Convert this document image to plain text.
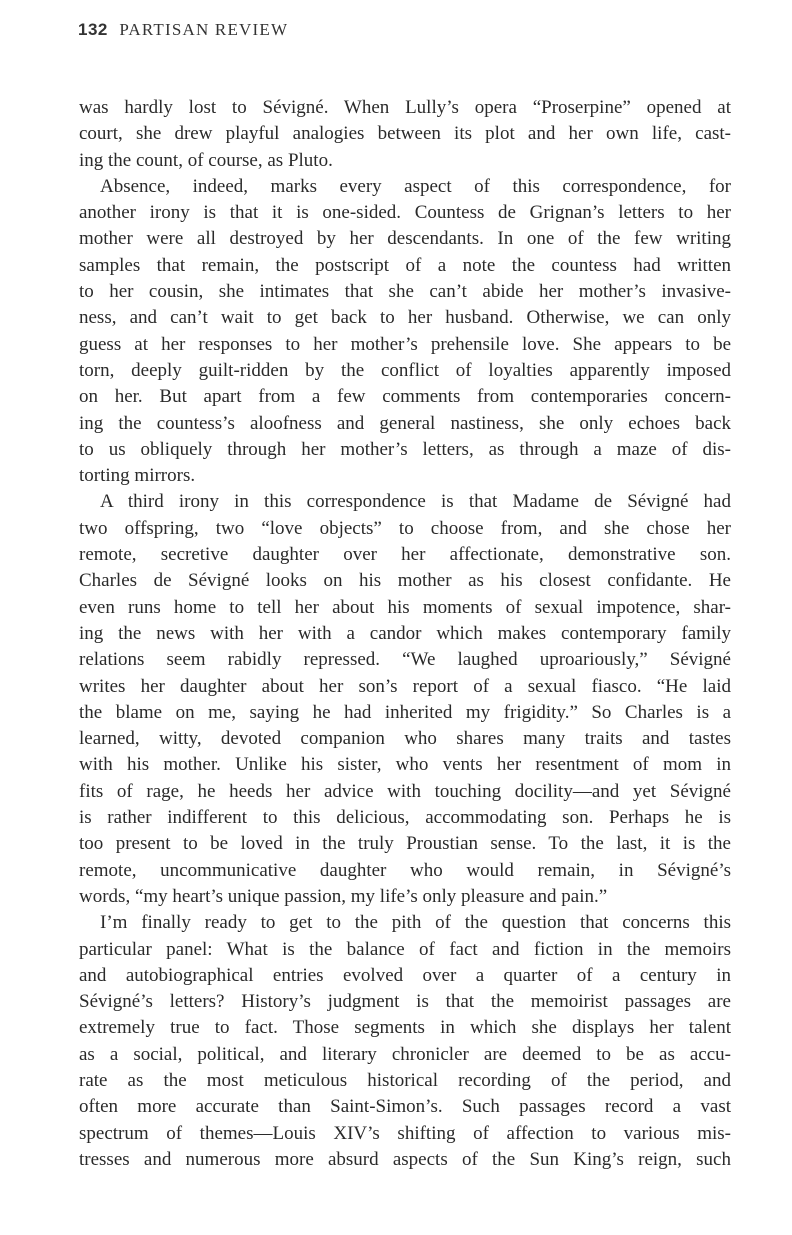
132 PARTISAN REVIEW
was hardly lost to Sévigné. When Lully’s opera “Proserpine” opened at
court, she drew playful analogies between its plot and her own life, cast-
ing the count, of course, as Pluto.
Absence, indeed, marks every aspect of this correspondence, for
another irony is that it is one-sided. Countess de Grignan’s letters to her
mother were all destroyed by her descendants. In one of the few writing
samples that remain, the postscript of a note the countess had written
to her cousin, she intimates that she can’t abide her mother’s invasive-
ness, and can’t wait to get back to her husband. Otherwise, we can only
guess at her responses to her mother’s prehensile love. She appears to be
torn, deeply guilt-ridden by the conflict of loyalties apparently imposed
on her. But apart from a few comments from contemporaries concern-
ing the countess’s aloofness and general nastiness, she only echoes back
to us obliquely through her mother’s letters, as through a maze of dis-
torting mirrors.
A third irony in this correspondence is that Madame de Sévigné had
two offspring, two “love objects” to choose from, and she chose her
remote, secretive daughter over her affectionate, demonstrative son.
Charles de Sévigné looks on his mother as his closest confidante. He
even runs home to tell her about his moments of sexual impotence, shar-
ing the news with her with a candor which makes contemporary family
relations seem rabidly repressed. “We laughed uproariously,” Sévigné
writes her daughter about her son’s report of a sexual fiasco. “He laid
the blame on me, saying he had inherited my frigidity.” So Charles is a
learned, witty, devoted companion who shares many traits and tastes
with his mother. Unlike his sister, who vents her resentment of mom in
fits of rage, he heeds her advice with touching docility—and yet Sévigné
is rather indifferent to this delicious, accommodating son. Perhaps he is
too present to be loved in the truly Proustian sense. To the last, it is the
remote, uncommunicative daughter who would remain, in Sévigné’s
words, “my heart’s unique passion, my life’s only pleasure and pain.”
I’m finally ready to get to the pith of the question that concerns this
particular panel: What is the balance of fact and fiction in the memoirs
and autobiographical entries evolved over a quarter of a century in
Sévigné’s letters? History’s judgment is that the memoirist passages are
extremely true to fact. Those segments in which she displays her talent
as a social, political, and literary chronicler are deemed to be as accu-
rate as the most meticulous historical recording of the period, and
often more accurate than Saint-Simon’s. Such passages record a vast
spectrum of themes—Louis XIV’s shifting of affection to various mis-
tresses and numerous more absurd aspects of the Sun King’s reign, such
